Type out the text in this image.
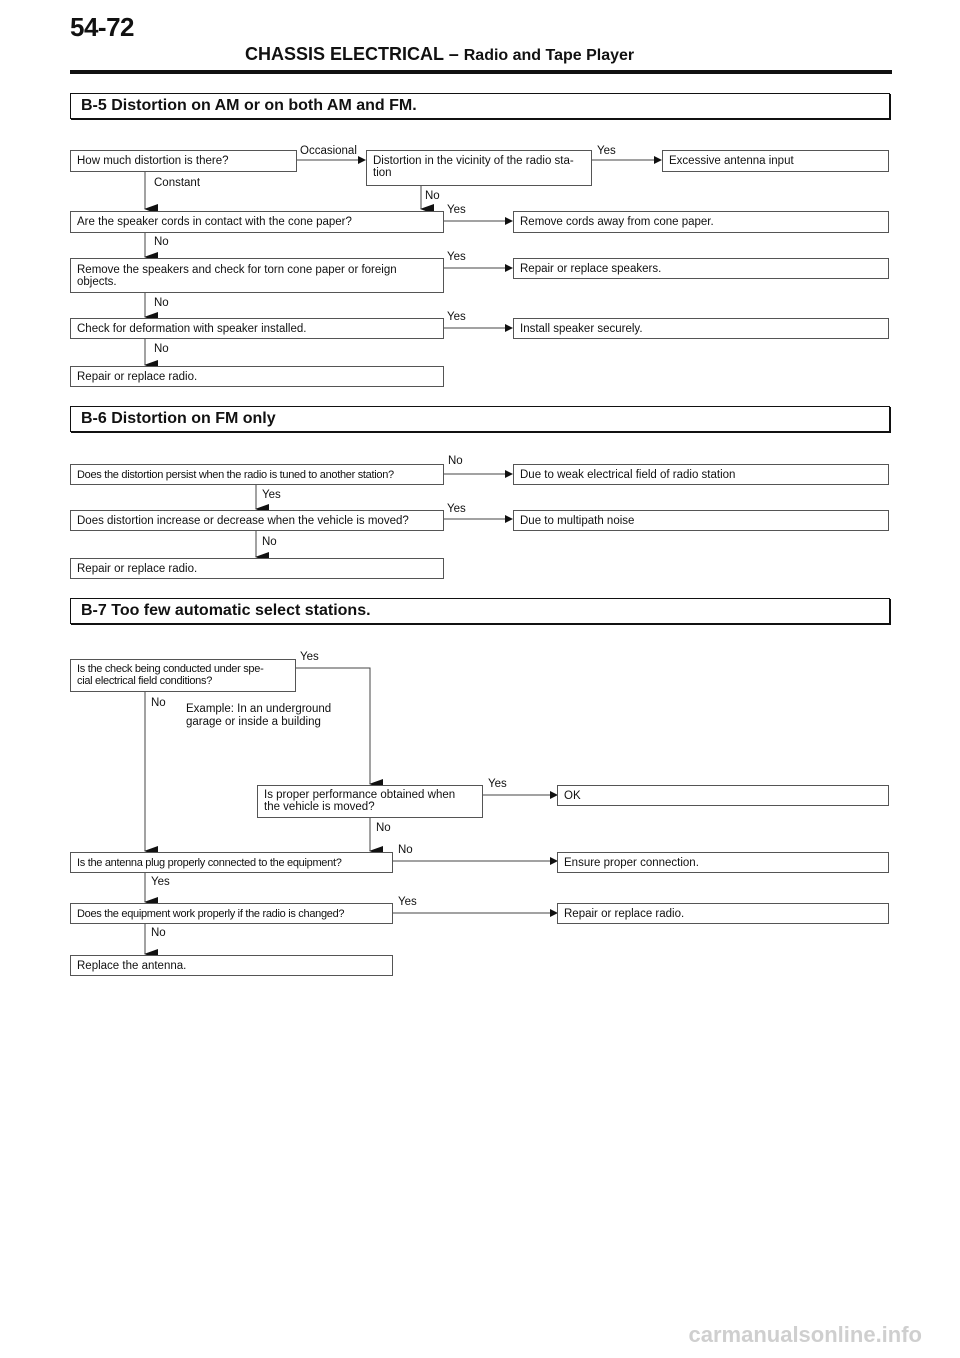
54-72
CHASSIS ELECTRICAL – Radio and Tape Player
B-5 Distortion on AM or on both AM and FM.
How much distortion is there?
Occasional
Constant
Distortion in the vicinity of the radio sta-
tion
Yes
Excessive antenna input
No
Are the speaker cords in contact with the cone paper?
Yes
Remove cords away from cone paper.
No
Remove the speakers and check for torn cone paper or foreign
objects.
Yes
Repair or replace speakers.
No
Check for deformation with speaker installed.
Yes
Install speaker securely.
No
Repair or replace radio.
B-6 Distortion on FM only
Does the distortion persist when the radio is tuned to another station?
No
Due to weak electrical field of radio station
Yes
Does distortion increase or decrease when the vehicle is moved?
Yes
Due to multipath noise
No
Repair or replace radio.
B-7 Too few automatic select stations.
Is the check being conducted under spe-
cial electrical field conditions?
Yes
No Example: In an underground
garage or inside a building
Is proper performance obtained when
the vehicle is moved?
Yes
OK
No
Is the antenna plug properly connected to the equipment?
No
Ensure proper connection.
Yes
Does the equipment work properly if the radio is changed?
Yes
Repair or replace radio.
No
Replace the antenna.
carmanualsonline.info
